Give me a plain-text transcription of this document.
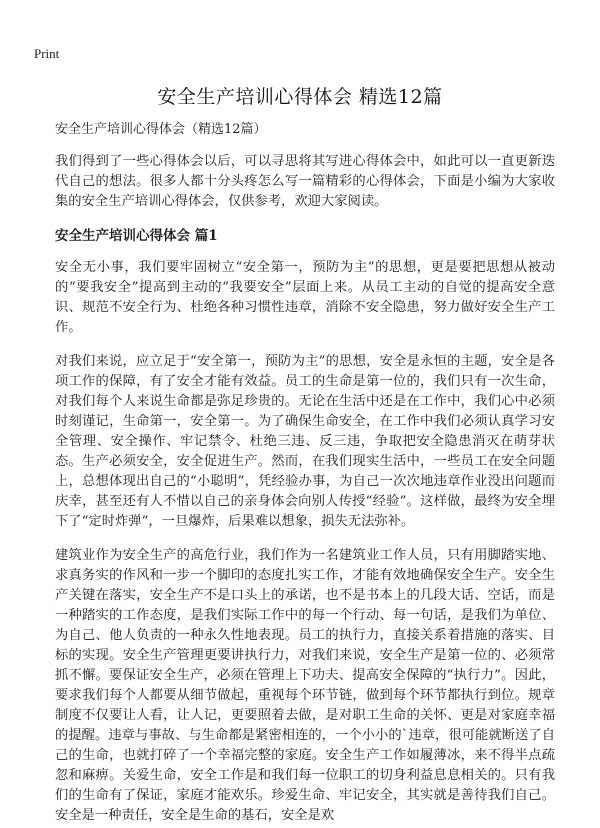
Print
安全生产培训心得体会 精选12篇

安全生产培训心得体会（精选12篇）

我们得到了一些心得体会以后，可以寻思将其写进心得体会中，如此可以一直更新迭代自己的想法。很多人都十分头疼怎么写一篇精彩的心得体会，下面是小编为大家收集的安全生产培训心得体会，仅供参考，欢迎大家阅读。

安全生产培训心得体会 篇1

安全无小事，我们要牢固树立“安全第一，预防为主”的思想，更是要把思想从被动的“要我安全”提高到主动的“我要安全”层面上来。从员工主动的自觉的提高安全意识、规范不安全行为、杜绝各种习惯性违章，消除不安全隐患，努力做好安全生产工作。

对我们来说，应立足于“安全第一，预防为主”的思想，安全是永恒的主题，安全是各项工作的保障，有了安全才能有效益。员工的生命是第一位的，我们只有一次生命，对我们每个人来说生命都是弥足珍贵的。无论在生活中还是在工作中，我们心中必须时刻谨记，生命第一，安全第一。为了确保生命安全，在工作中我们必须认真学习安全管理、安全操作、牢记禁令、杜绝三违、反三违，争取把安全隐患消灭在萌芽状态。生产必须安全，安全促进生产。然而，在我们现实生活中，一些员工在安全问题上，总想体现出自己的“小聪明”，凭经验办事，为自己一次次地违章作业没出问题而庆幸，甚至还有人不惜以自己的亲身体会向别人传授“经验”。这样做，最终为安全埋下了“定时炸弹”，一旦爆炸，后果难以想象，损失无法弥补。

建筑业作为安全生产的高危行业，我们作为一名建筑业工作人员，只有用脚踏实地、求真务实的作风和一步一个脚印的态度扎实工作，才能有效地确保安全生产。安全生产关键在落实，安全生产不是口头上的承诺，也不是书本上的几段大话、空话，而是一种踏实的工作态度，是我们实际工作中的每一个行动、每一句话，是我们为单位、为自己、他人负责的一种永久性地表现。员工的执行力，直接关系着措施的落实、目标的实现。安全生产管理更要讲执行力，对我们来说，安全生产是第一位的、必须常抓不懈。要保证安全生产，必须在管理上下功夫、提高安全保障的“执行力”。因此，要求我们每个人都要从细节做起，重视每个环节链，做到每个环节都执行到位。规章制度不仅要让人看，让人记，更要照着去做，是对职工生命的关怀、更是对家庭幸福的提醒。违章与事故、与生命都是紧密相连的，一个小小的`违章，很可能就断送了自己的生命，也就打碎了一个幸福完整的家庭。安全生产工作如履薄冰，来不得半点疏忽和麻痹。关爱生命，安全工作是和我们每一位职工的切身利益息息相关的。只有我们的生命有了保证，家庭才能欢乐。珍爱生命、牢记安全，其实就是善待我们自己。安全是一种责任，安全是生命的基石，安全是欢
